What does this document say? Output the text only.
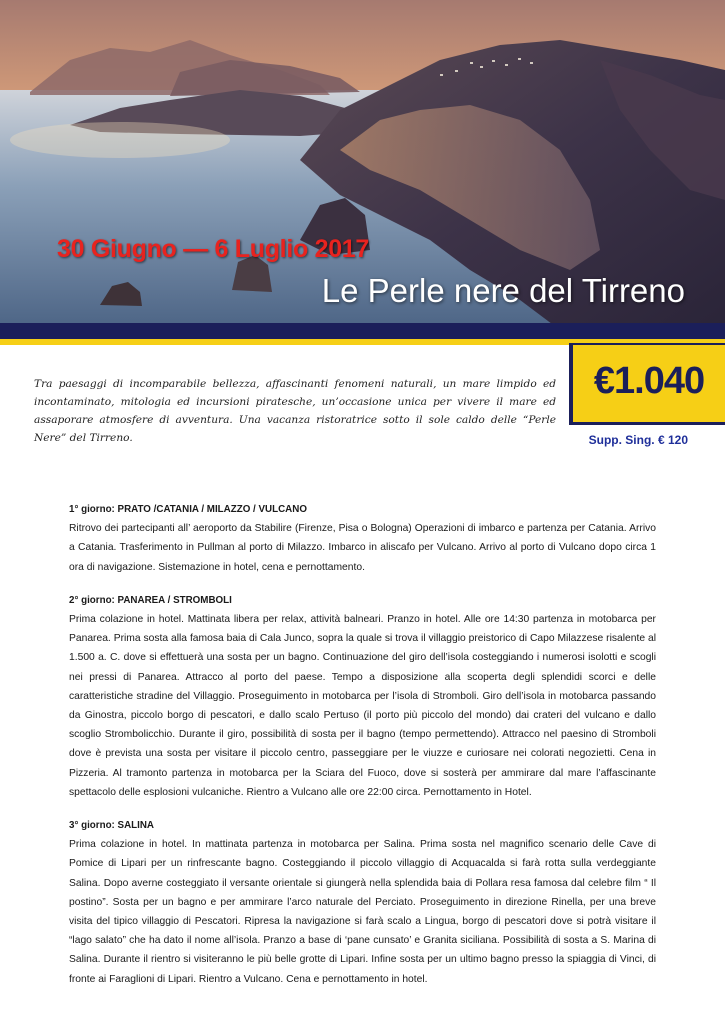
30 Giugno — 6 Luglio 2017
Le Perle nere del Tirreno

Tra paesaggi di incomparabile bellezza, affascinanti fenomeni naturali, un mare limpido ed incontaminato, mitologia ed incursioni piratesche, un’occasione unica per vivere il mare ed assaporare atmosfere di avventura. Una vacanza ristoratrice sotto il sole caldo delle “Perle Nere” del Tirreno.

€1.040
Supp. Sing. € 120
1° giorno: PRATO /CATANIA / MILAZZO / VULCANO

Ritrovo dei partecipanti all’ aeroporto da Stabilire (Firenze, Pisa o Bologna) Operazioni di imbarco e partenza per Catania. Arrivo a Catania. Trasferimento in Pullman al porto di Milazzo. Imbarco in aliscafo per Vulcano. Arrivo al porto di Vulcano dopo circa 1 ora di navigazione. Sistemazione in hotel, cena e pernottamento.

2° giorno: PANAREA / STROMBOLI

Prima colazione in hotel. Mattinata libera per relax, attività balneari. Pranzo in hotel. Alle ore 14:30 partenza in motobarca per Panarea. Prima sosta alla famosa baia di Cala Junco, sopra la quale si trova il villaggio preistorico di Capo Milazzese risalente al 1.500 a. C. dove si effettuerà una sosta per un bagno. Continuazione del giro dell’isola costeggiando i numerosi isolotti e scogli nei pressi di Panarea. Attracco al porto del paese. Tempo a disposizione alla scoperta degli splendidi scorci e delle caratteristiche stradine del Villaggio. Proseguimento in motobarca per l’isola di Stromboli. Giro dell’isola in motobarca passando da Ginostra, piccolo borgo di pescatori, e dallo scalo Pertuso (il porto più piccolo del mondo) dai crateri del vulcano e dallo scoglio Strombolicchio. Durante il giro, possibilità di sosta per il bagno (tempo permettendo). Attracco nel paesino di Stromboli dove è prevista una sosta per visitare il piccolo centro, passeggiare per le viuzze e curiosare nei colorati negozietti. Cena in Pizzeria. Al tramonto partenza in motobarca per la Sciara del Fuoco, dove si sosterà per ammirare dal mare l’affascinante spettacolo delle esplosioni vulcaniche. Rientro a Vulcano alle ore 22:00 circa. Pernottamento in Hotel.

3° giorno: SALINA

Prima colazione in hotel. In mattinata partenza in motobarca per Salina. Prima sosta nel magnifico scenario delle Cave di Pomice di Lipari per un rinfrescante bagno. Costeggiando il piccolo villaggio di Acquacalda si farà rotta sulla verdeggiante Salina. Dopo averne costeggiato il versante orientale si giungerà nella splendida baia di Pollara resa famosa dal celebre film “ Il postino”. Sosta per un bagno e per ammirare l’arco naturale del Perciato. Proseguimento in direzione Rinella, per una breve visita del tipico villaggio di Pescatori. Ripresa la navigazione si farà scalo a Lingua, borgo di pescatori dove si potrà visitare il “lago salato” che ha dato il nome all’isola. Pranzo a base di ‘pane cunsato’ e Granita siciliana. Possibilità di sosta a S. Marina di Salina. Durante il rientro si visiteranno le più belle grotte di Lipari. Infine sosta per un ultimo bagno presso la spiaggia di Vinci, di fronte ai Faraglioni di Lipari. Rientro a Vulcano. Cena e pernottamento in hotel.
